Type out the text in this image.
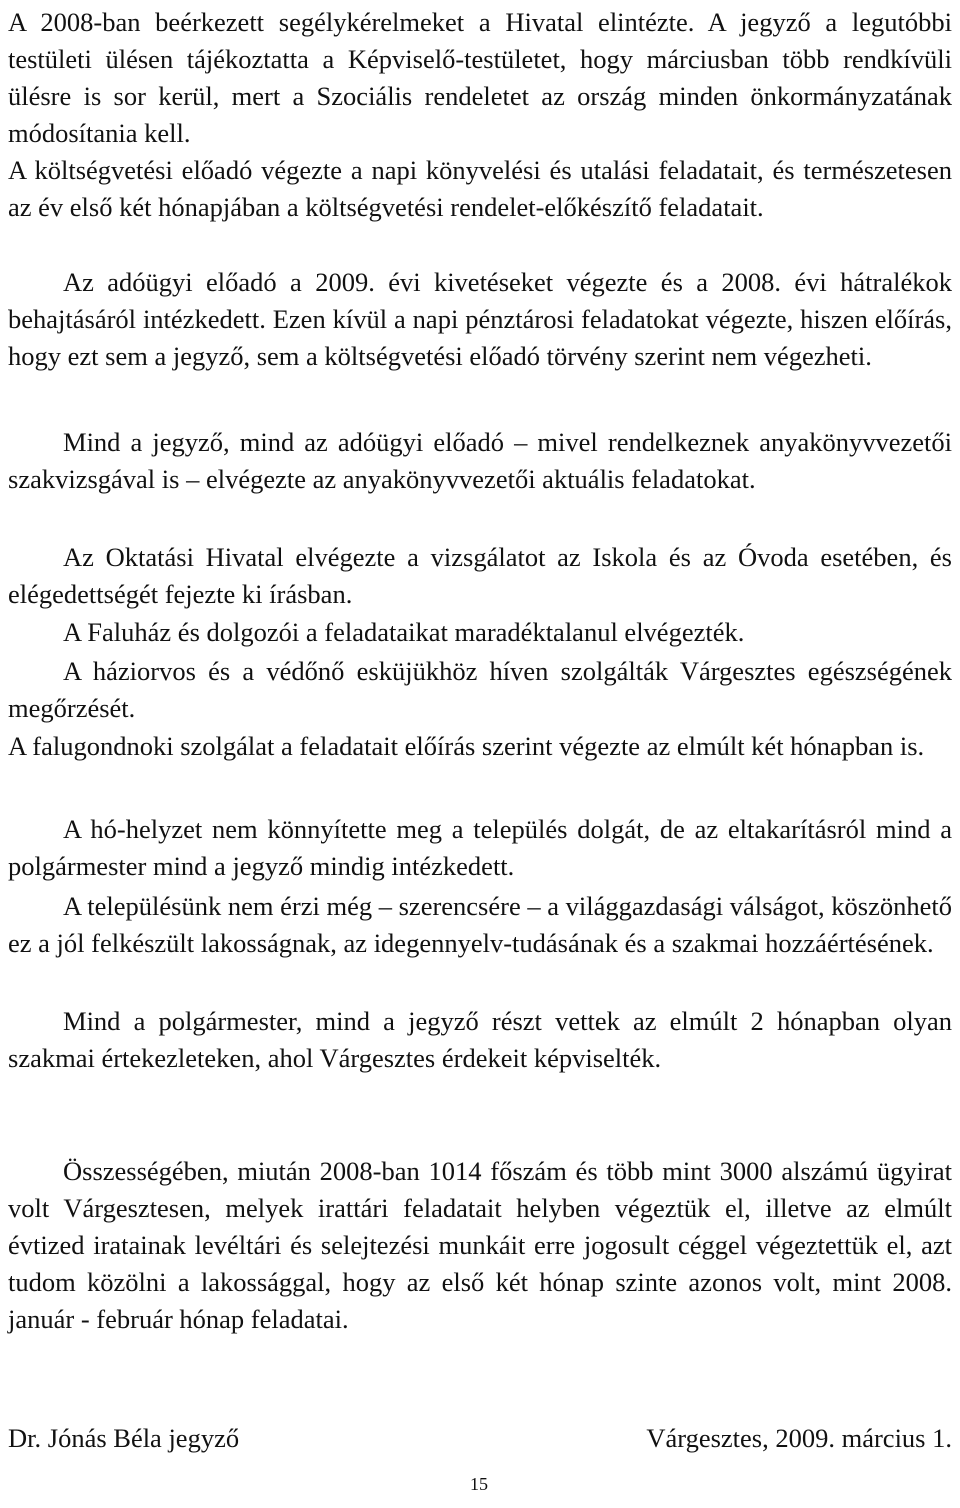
A 2008-ban beérkezett segélykérelmeket a Hivatal elintézte. A jegyző a legutóbbi testületi ülésen tájékoztatta a Képviselő-testületet, hogy márciusban több rendkívüli ülésre is sor kerül, mert a Szociális rendeletet az ország minden önkormányzatának módosítania kell.

A költségvetési előadó végezte a napi könyvelési és utalási feladatait, és természetesen az év első két hónapjában a költségvetési rendelet-előkészítő feladatait.

Az adóügyi előadó a 2009. évi kivetéseket végezte és a 2008. évi hátralékok behajtásáról intézkedett. Ezen kívül a napi pénztárosi feladatokat végezte, hiszen előírás, hogy ezt sem a jegyző, sem a költségvetési előadó törvény szerint nem végezheti.

Mind a jegyző, mind az adóügyi előadó – mivel rendelkeznek anyakönyvvezetői szakvizsgával is – elvégezte az anyakönyvvezetői aktuális feladatokat.

Az Oktatási Hivatal elvégezte a vizsgálatot az Iskola és az Óvoda esetében, és elégedettségét fejezte ki írásban.

A Faluház és dolgozói a feladataikat maradéktalanul elvégezték.

A háziorvos és a védőnő esküjükhöz híven szolgálták Várgesztes egészségének megőrzését.

A falugondnoki szolgálat a feladatait előírás szerint végezte az elmúlt két hónapban is.

A hó-helyzet nem könnyítette meg a település dolgát, de az eltakarításról mind a polgármester mind a jegyző mindig intézkedett.

A településünk nem érzi még – szerencsére – a világgazdasági válságot, köszönhető ez a jól felkészült lakosságnak, az idegennyelv-tudásának és a szakmai hozzáértésének.

Mind a polgármester, mind a jegyző részt vettek az elmúlt 2 hónapban olyan szakmai értekezleteken, ahol Várgesztes érdekeit képviselték.

Összességében, miután 2008-ban 1014 főszám és több mint 3000 alszámú ügyirat volt Várgesztesen, melyek irattári feladatait helyben végeztük el, illetve az elmúlt évtized iratainak levéltári és selejtezési munkáit erre jogosult céggel végeztettük el, azt tudom közölni a lakossággal, hogy az első két hónap szinte azonos volt, mint 2008. január - február hónap feladatai.

Dr. Jónás Béla jegyző	Várgesztes, 2009. március 1.
15
